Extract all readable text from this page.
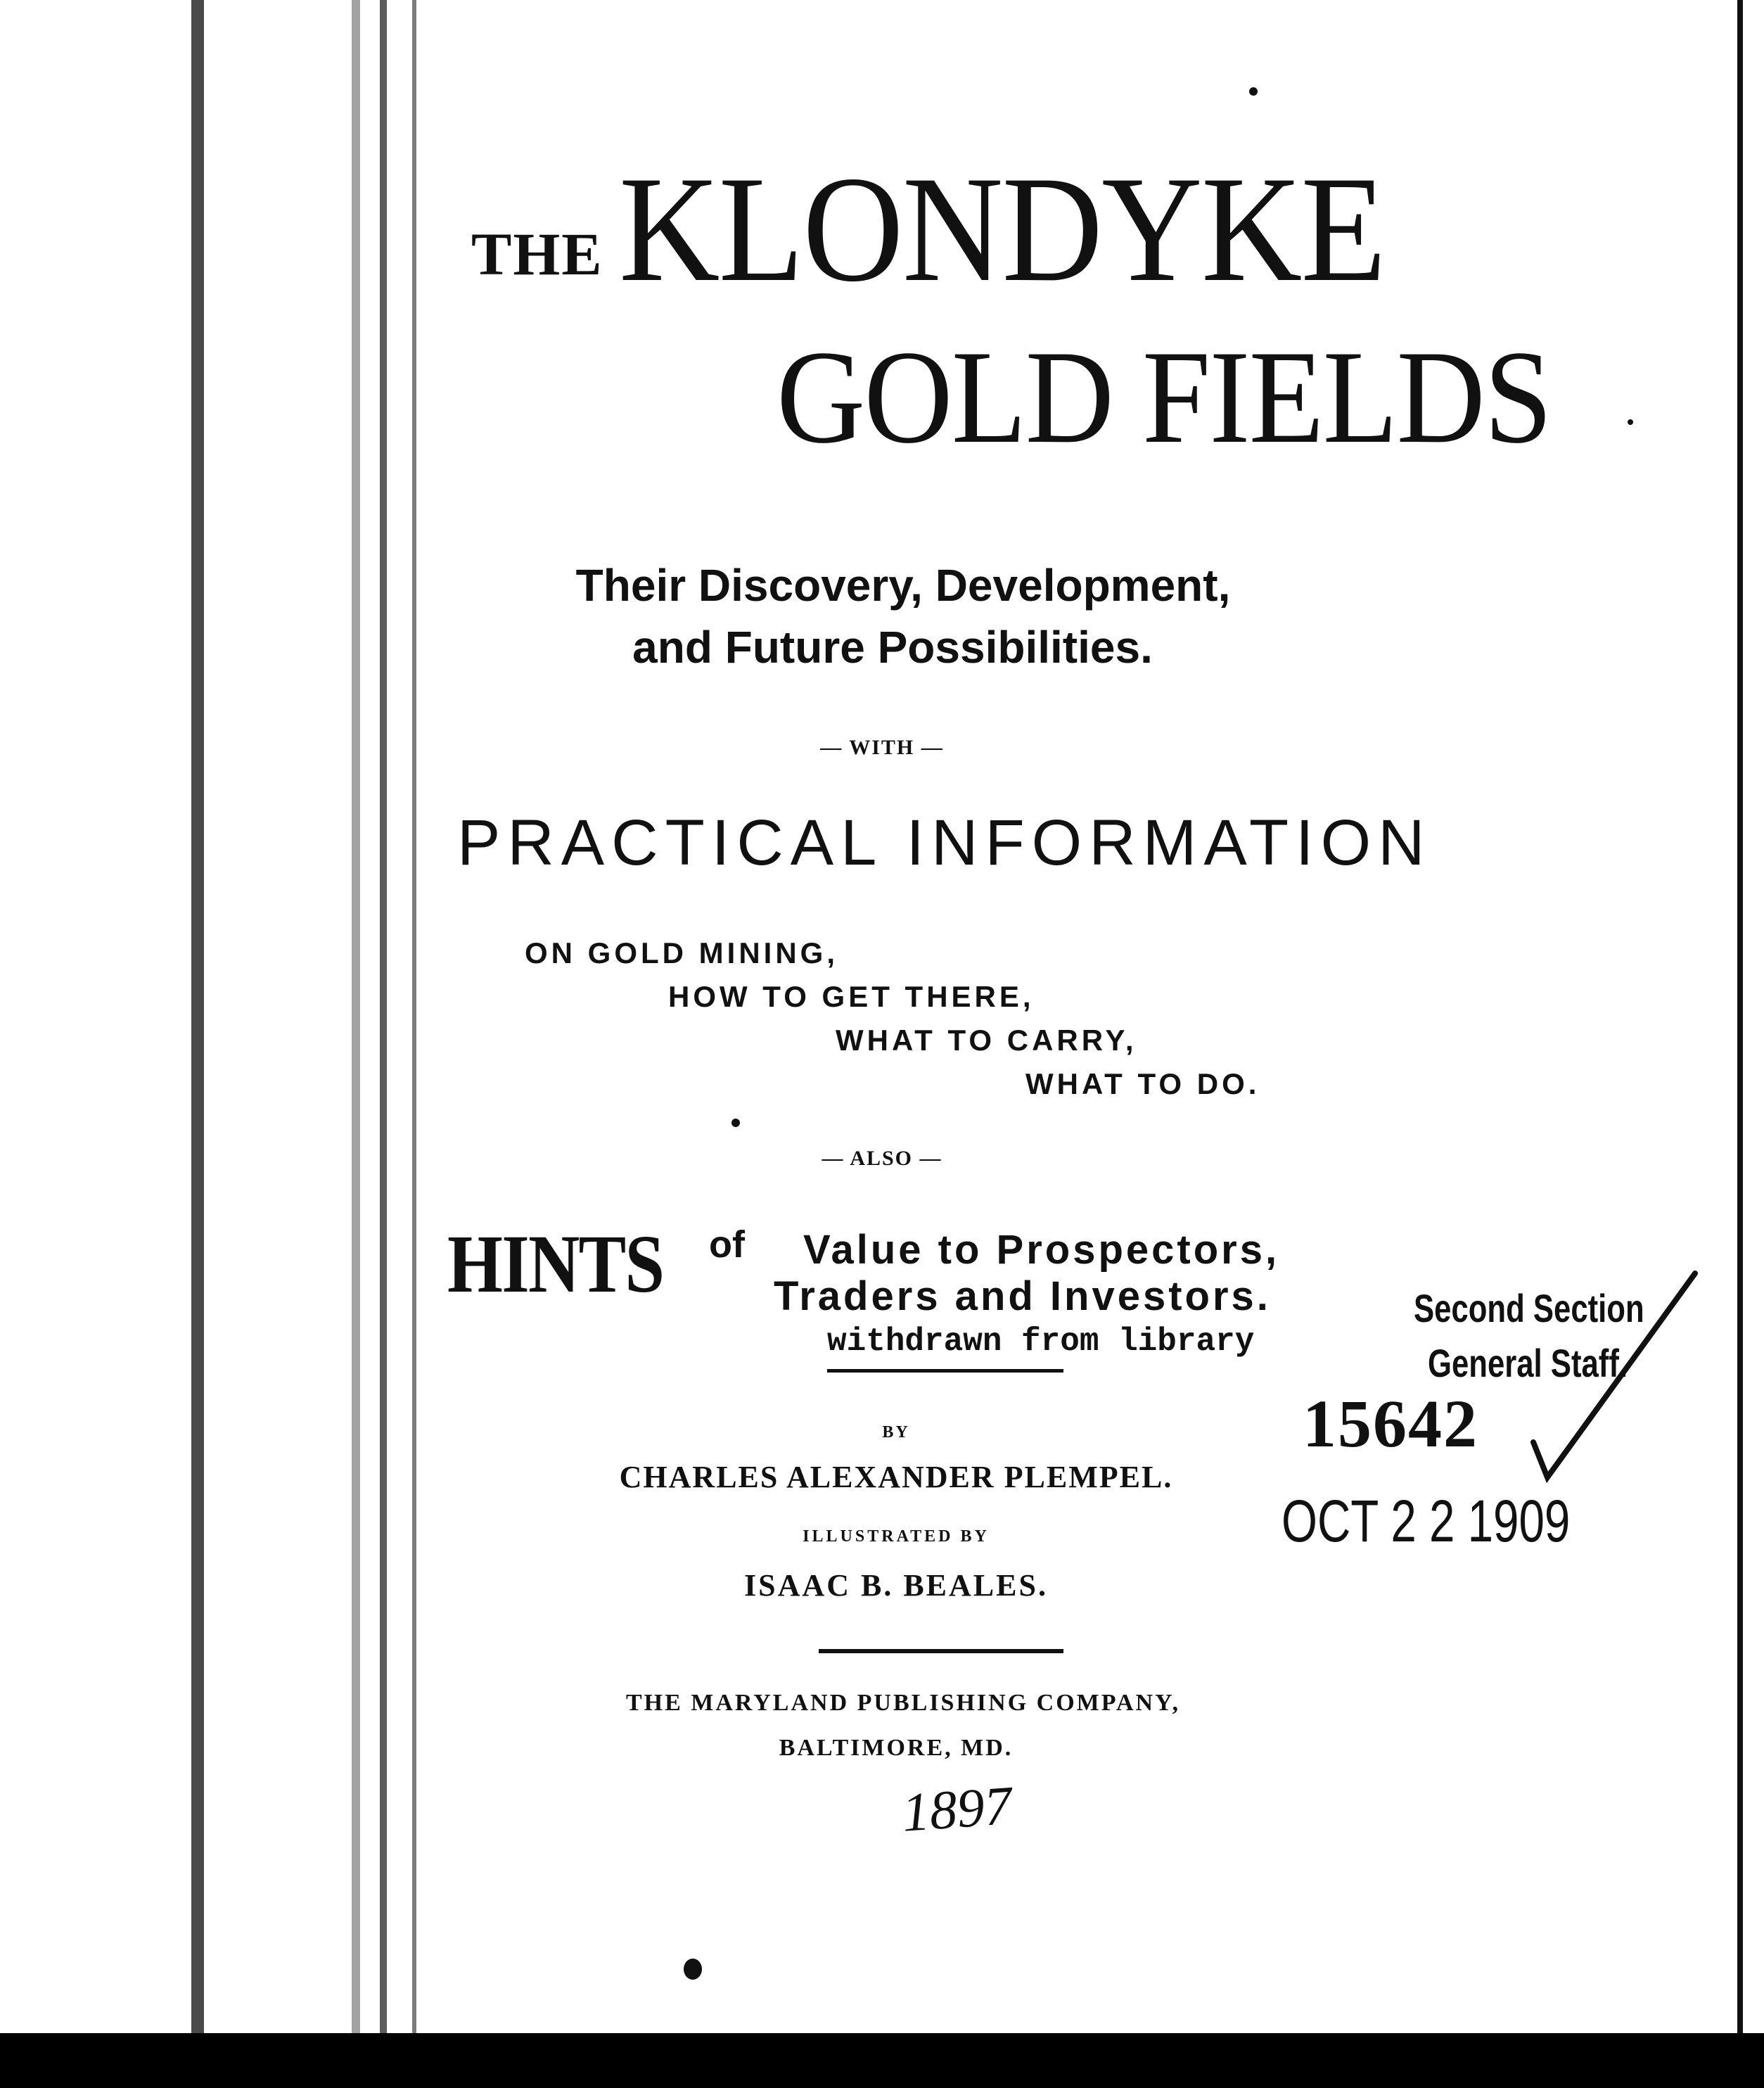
THE KLONDYKE
GOLD FIELDS
Their Discovery, Development,
and Future Possibilities.
— WITH —
PRACTICAL INFORMATION
ON GOLD MINING,
HOW TO GET THERE,
WHAT TO CARRY,
WHAT TO DO.
— ALSO —
HINTS of Value to Prospectors,
Traders and Investors.
withdrawn from library
Second Section
General Staff.
15642
OCT 2 2 1909
BY
CHARLES ALEXANDER PLEMPEL.
ILLUSTRATED BY
ISAAC B. BEALES.
THE MARYLAND PUBLISHING COMPANY,
BALTIMORE, MD.
1897
